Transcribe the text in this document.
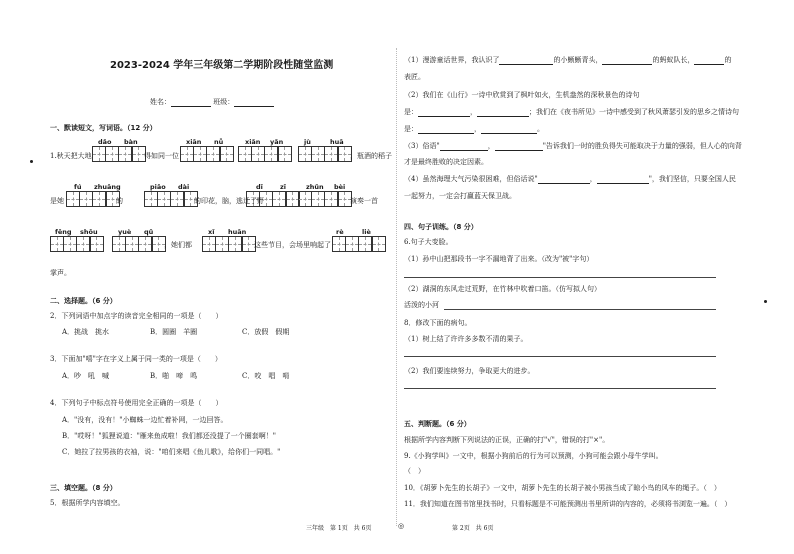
2023-2024 学年三年级第二学期阶段性随堂监测
姓名：	班级：
一、默读短文，写词语。（12 分）
dǎo bàn	xiān nǚ	xiǎn yǎn	jù	huā
1.秋天把大地	得如同一位	，瓶酒的稻子
fú zhuāng	piāo dài	dī	zī	zhǔn bèi
是她	的	的印花，脑，逃迁了野	演奏一首
fēng shōu	yuè qǔ	xǐ huān	rè	liè
，她们都	这些节目，会场里响起了
掌声。
二、选择题。（6 分）
2．下列词语中加点字的读音完全相同的一项是（　　）
A．挑战　挑水	B．圆圈　羊圈	C．放假　假期
3．下面加"嘻"字在字义上属于同一类的一项是（　　）
A．吵　吼　喊	B．啪　啼　鸣	C．咬　唱　啃
4．下列句子中标点符号使用完全正确的一项是（　　）
A．"没有，没有！"小蜘蛛一边忙着补网，一边回答。
B．"哎呀！"狐狸说道："雁来鱼成啦！我们都还没提了一个圈套啊！"
C．她拉了拉男孩的衣袖，说："咱们来唱《鱼儿歌》，给你们一同唱。"
三、填空题。（8 分）
5．根据所学内容填空。
（1）漫游童话世界，我认识了	的小蜥蜥青头，	的蚂蚁队长，	的
表匠。
（2）我们在《山行》一诗中欣赏到了枫叶如火，生机盎然的深秋景色的诗句
是：	，	；我们在《夜书所见》一诗中感受到了秋风萧瑟引发的思乡之情诗句
是：	，	。
（3）俗语"	，	"告诉我们一时的胜负得失可能取决于力量的强弱，但人心的向背
才是最终胜败的决定因素。
（4）虽然海理大气污染很困难，但俗话说"	，	"，我们坚信，只要全国人民
一起努力，一定会打赢蓝天保卫战。
四、句子训练。（8 分）
6.句子大变脸。
（1）孙中山把那段书一字不漏地背了出来。（改为"被"字句）
（2）湖洞的东风走过荒野，在竹林中吹着口笛。（仿写拟人句）
活泼的小河
8．修改下面的病句。
（1）树上结了许许多多数不清的果子。
（2）我们要连续努力，争取更大的进步。
五、判断题。（6 分）
根据所学内容判断下列说法的正误，正确的打"√"，错误的打"×"。
9.《小狗学叫》一文中，根据小狗前后的行为可以预测，小狗可能会跟小母牛学叫。
（　）
10．《胡萝卜先生的长胡子》一文中，胡萝卜先生的长胡子被小男孩当成了晾小鸟的风车的绳子。（　）
11．我们知道在图书馆里找书时，只看标题是不可能预测出书里所讲的内容的，必须将书浏览一遍。（　）
三年级　第 1页　共 6页	◎	第 2页　共 6页
